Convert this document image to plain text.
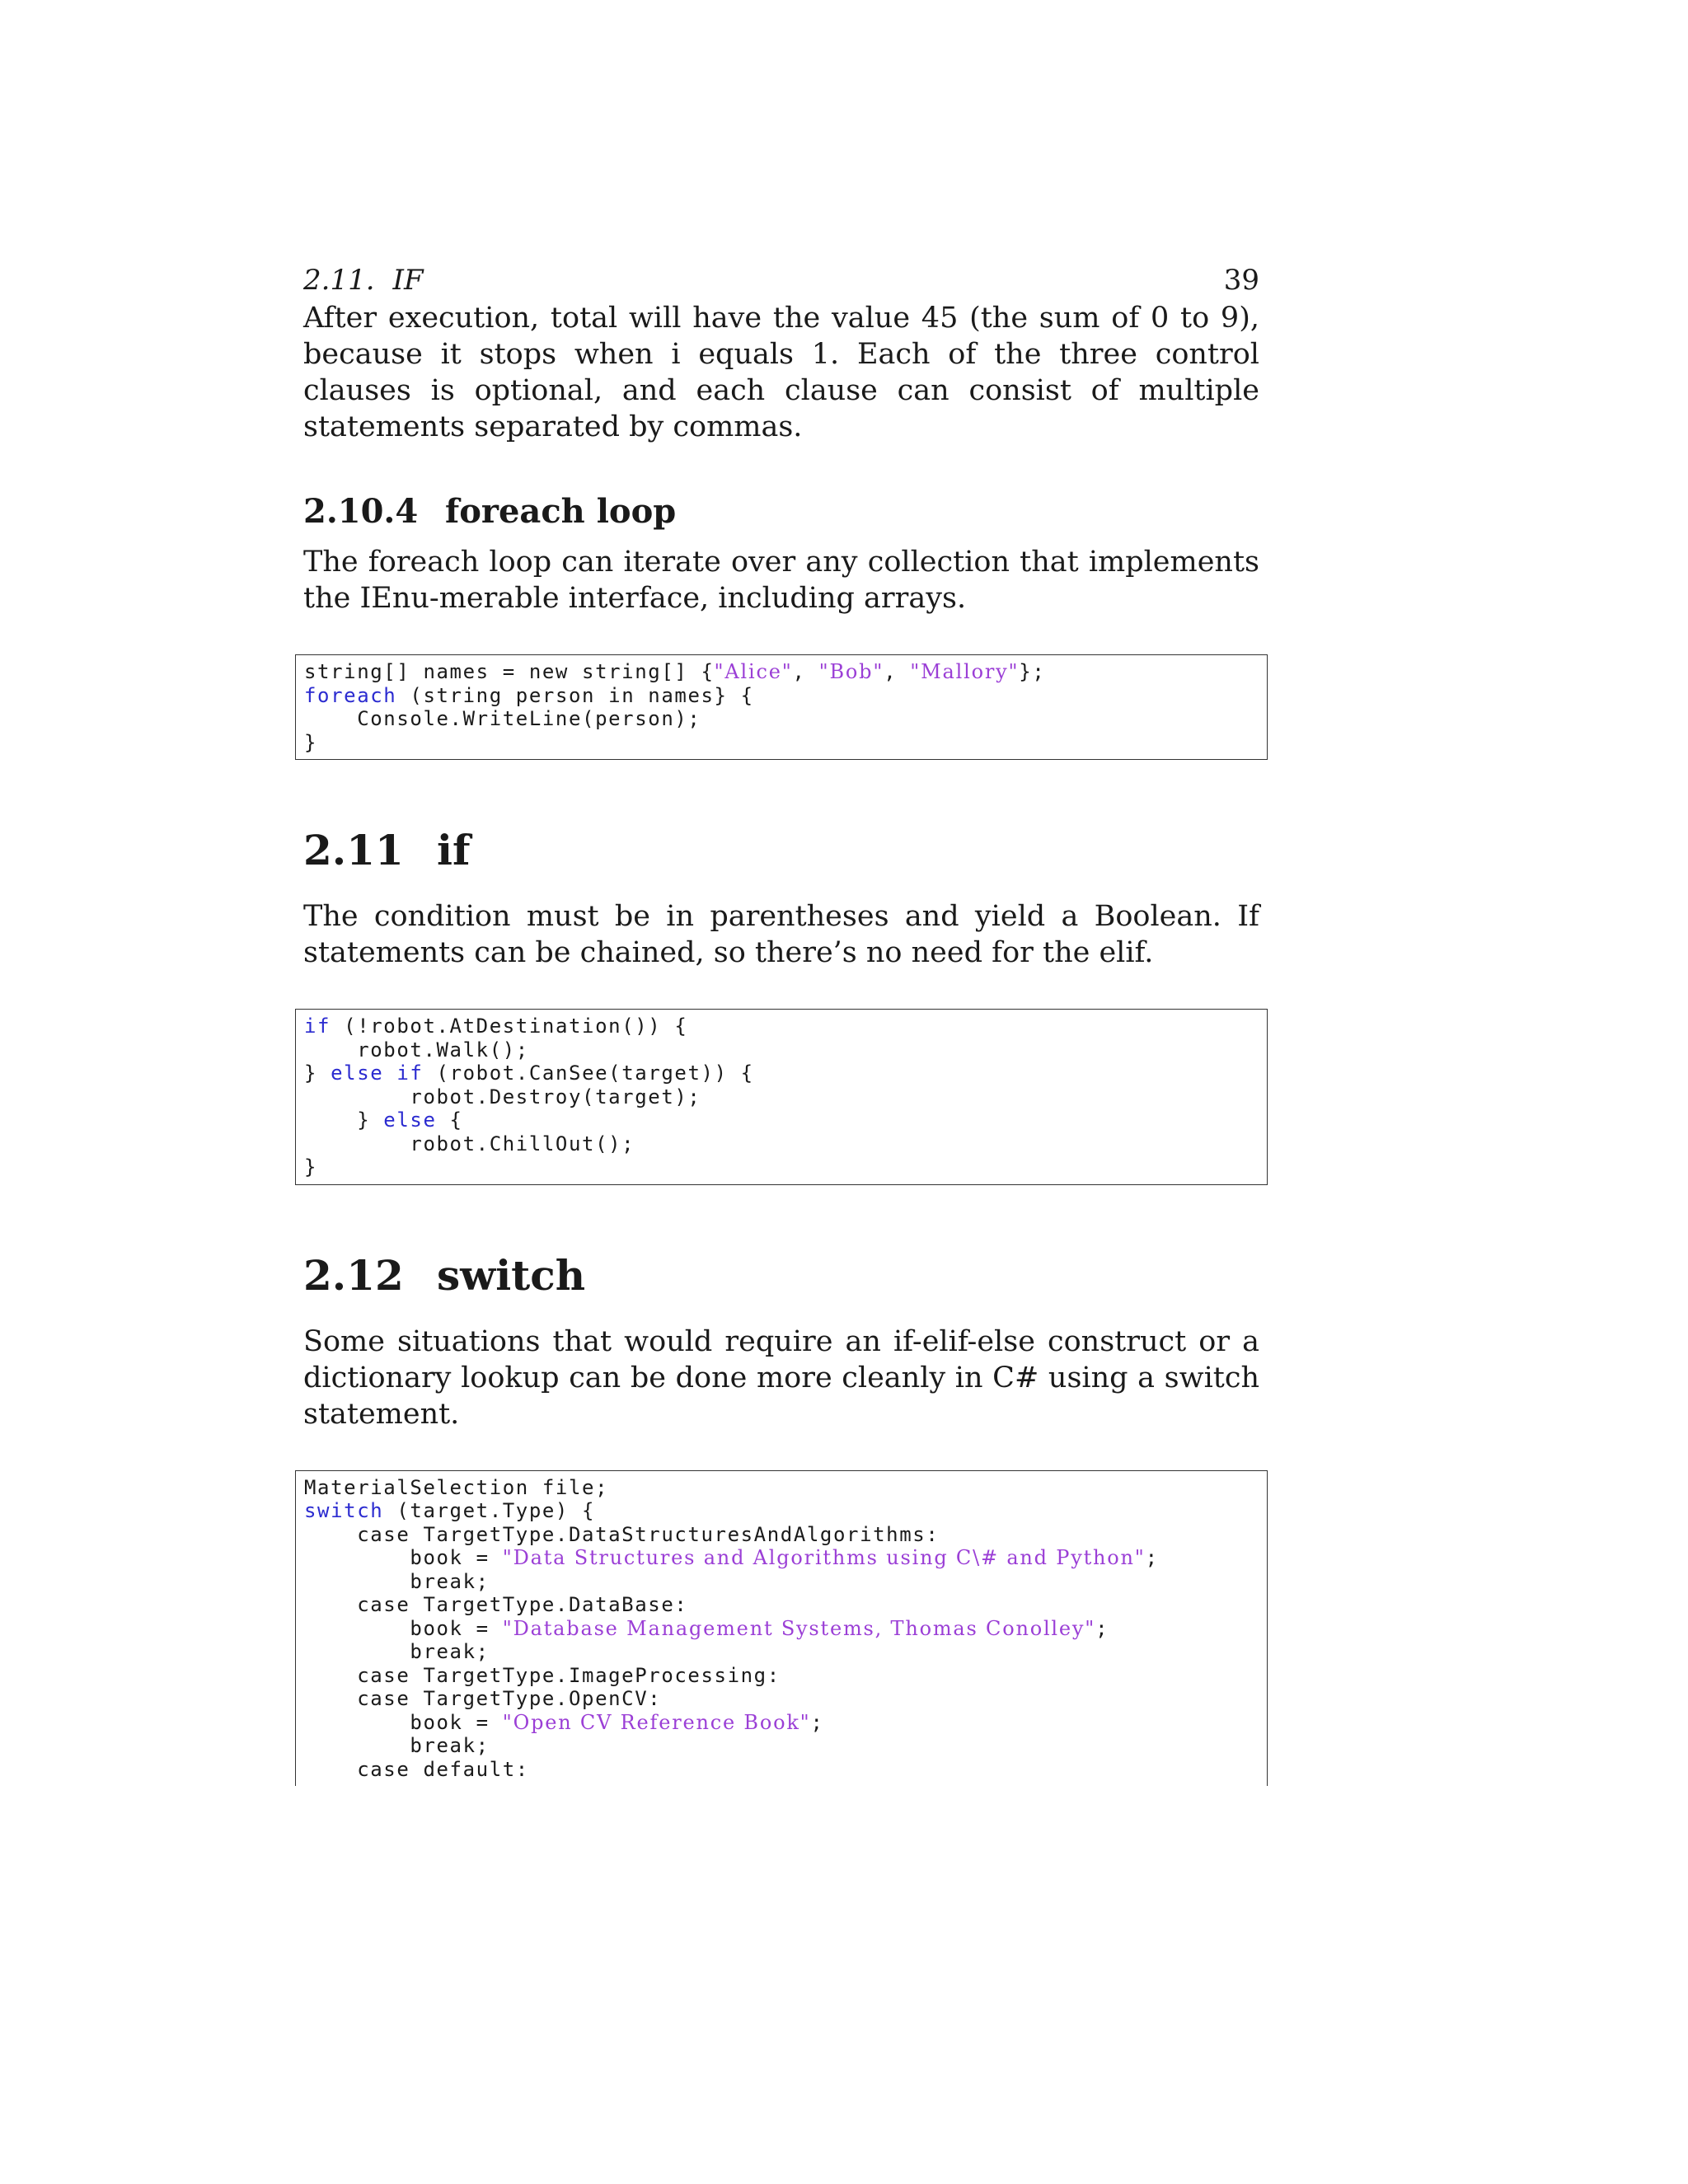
2.11. IF	39

After execution, total will have the value 45 (the sum of 0 to 9), because it stops when i equals 1. Each of the three control clauses is optional, and each clause can consist of multiple statements separated by commas.

2.10.4 foreach loop

The foreach loop can iterate over any collection that implements the IEnu-merable interface, including arrays.

string[] names = new string[] {"Alice", "Bob", "Mallory"};
foreach (string person in names} {
Console.WriteLine(person);
}
2.11 if

The condition must be in parentheses and yield a Boolean. If statements can be chained, so there’s no need for the elif.

if (!robot.AtDestination()) {
robot.Walk();
} else if (robot.CanSee(target)) {
robot.Destroy(target);
} else {
robot.ChillOut();
}
2.12 switch

Some situations that would require an if-elif-else construct or a dictionary lookup can be done more cleanly in C# using a switch statement.

MaterialSelection file;
switch (target.Type) {
case TargetType.DataStructuresAndAlgorithms:
book = "Data Structures and Algorithms using C\# and Python";
break;
case TargetType.DataBase:
book = "Database Management Systems, Thomas Conolley";
break;
case TargetType.ImageProcessing:
case TargetType.OpenCV:
book = "Open CV Reference Book";
break;
case default:
